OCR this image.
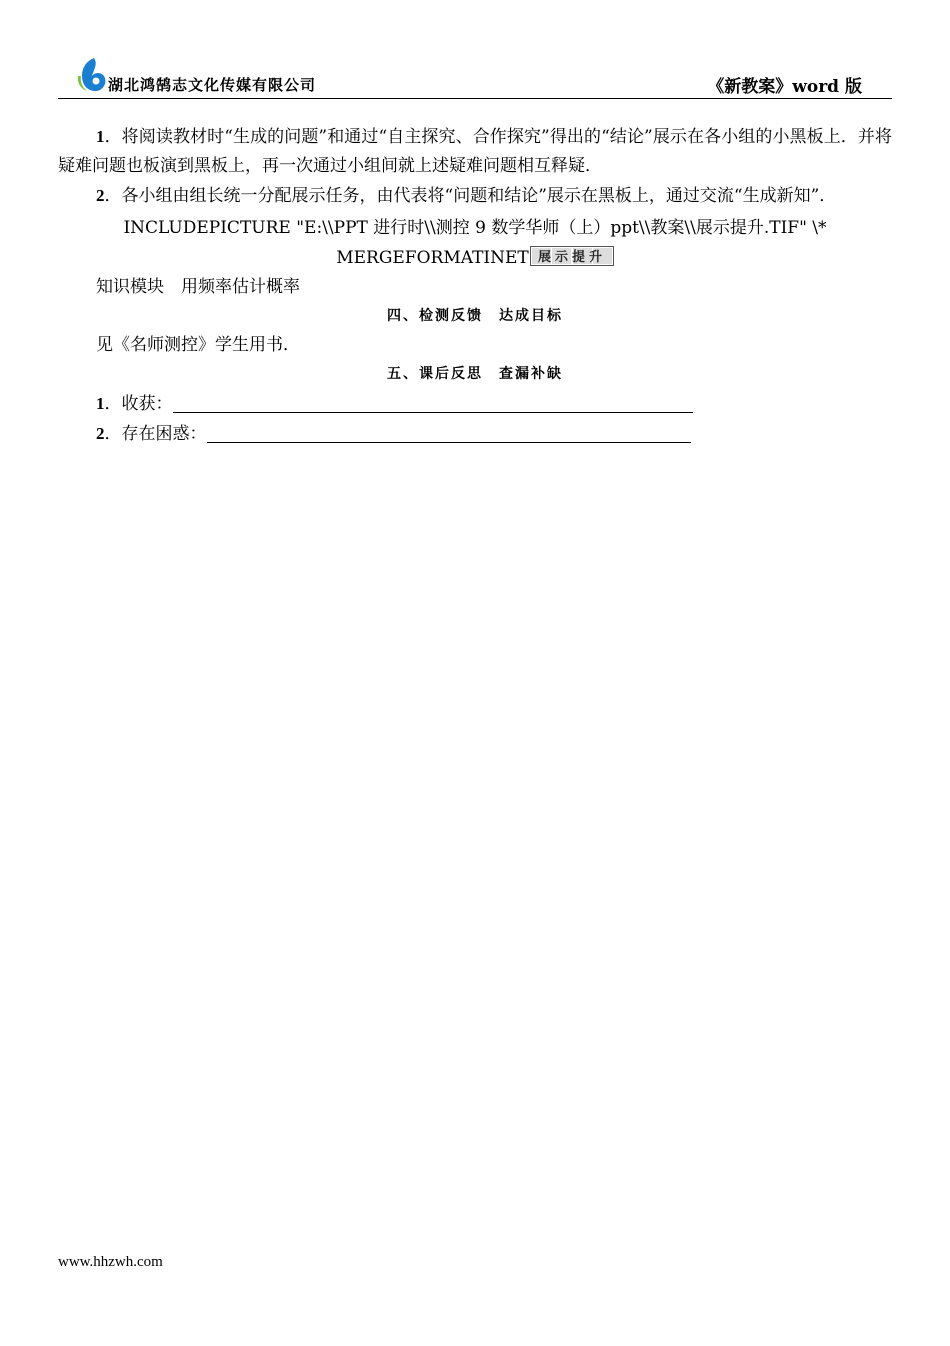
湖北鸿鹄志文化传媒有限公司	《新教案》word 版

1．将阅读教材时“生成的问题”和通过“自主探究、合作探究”得出的“结论”展示在各小组的小黑板上．并将疑难问题也板演到黑板上，再一次通过小组间就上述疑难问题相互释疑．

2．各小组由组长统一分配展示任务，由代表将“问题和结论”展示在黑板上，通过交流“生成新知”．

INCLUDEPICTURE "E:\\PPT 进行时\\测控 9 数学华师（上）ppt\\教案\\展示提升.TIF" \*
MERGEFORMATINET 展示提升

知识模块　用频率估计概率

四、检测反馈　达成目标

见《名师测控》学生用书．

五、课后反思　查漏补缺

1．收获：

2．存在困惑：

www.hhzwh.com
